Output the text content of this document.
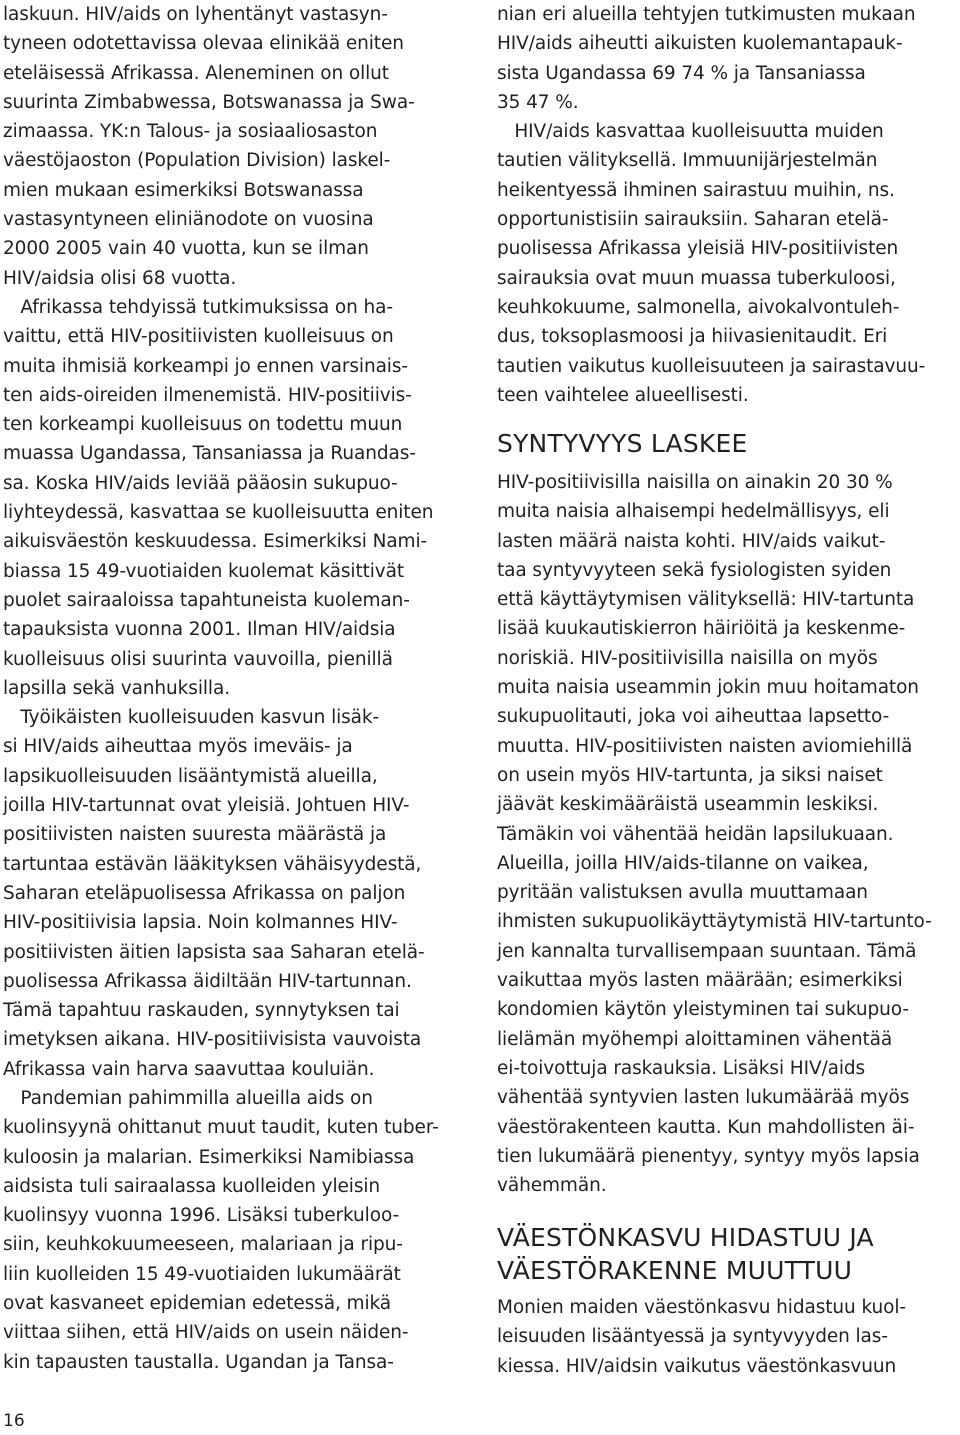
laskuun. HIV/aids on lyhentänyt vastasyn-
tyneen odotettavissa olevaa elinikää eniten
eteläisessä Afrikassa. Aleneminen on ollut
suurinta Zimbabwessa, Botswanassa ja Swa-
zimaassa. YK:n Talous- ja sosiaaliosaston
väestöjaoston (Population Division) laskel-
mien mukaan esimerkiksi Botswanassa
vastasyntyneen eliniänodote on vuosina
2000 2005 vain 40 vuotta, kun se ilman
HIV/aidsia olisi 68 vuotta.
Afrikassa tehdyissä tutkimuksissa on ha-
vaittu, että HIV-positiivisten kuolleisuus on
muita ihmisiä korkeampi jo ennen varsinais-
ten aids-oireiden ilmenemistä. HIV-positiivis-
ten korkeampi kuolleisuus on todettu muun
muassa Ugandassa, Tansaniassa ja Ruandas-
sa. Koska HIV/aids leviää pääosin sukupuo-
liyhteydessä, kasvattaa se kuolleisuutta eniten
aikuisväestön keskuudessa. Esimerkiksi Nami-
biassa 15 49-vuotiaiden kuolemat käsittivät
puolet sairaaloissa tapahtuneista kuoleman-
tapauksista vuonna 2001. Ilman HIV/aidsia
kuolleisuus olisi suurinta vauvoilla, pienillä
lapsilla sekä vanhuksilla.
Työikäisten kuolleisuuden kasvun lisäk-
si HIV/aids aiheuttaa myös imeväis- ja
lapsikuolleisuuden lisääntymistä alueilla,
joilla HIV-tartunnat ovat yleisiä. Johtuen HIV-
positiivisten naisten suuresta määrästä ja
tartuntaa estävän lääkityksen vähäisyydestä,
Saharan eteläpuolisessa Afrikassa on paljon
HIV-positiivisia lapsia. Noin kolmannes HIV-
positiivisten äitien lapsista saa Saharan etelä-
puolisessa Afrikassa äidiltään HIV-tartunnan.
Tämä tapahtuu raskauden, synnytyksen tai
imetyksen aikana. HIV-positiivisista vauvoista
Afrikassa vain harva saavuttaa kouluiän.
Pandemian pahimmilla alueilla aids on
kuolinsyynä ohittanut muut taudit, kuten tuber-
kuloosin ja malarian. Esimerkiksi Namibiassa
aidsista tuli sairaalassa kuolleiden yleisin
kuolinsyy vuonna 1996. Lisäksi tuberkuloo-
siin, keuhkokuumeeseen, malariaan ja ripu-
liin kuolleiden 15 49-vuotiaiden lukumäärät
ovat kasvaneet epidemian edetessä, mikä
viittaa siihen, että HIV/aids on usein näiden-
kin tapausten taustalla. Ugandan ja Tansa-
nian eri alueilla tehtyjen tutkimusten mukaan
HIV/aids aiheutti aikuisten kuolemantapauk-
sista Ugandassa 69 74 % ja Tansaniassa
35 47 %.
HIV/aids kasvattaa kuolleisuutta muiden
tautien välityksellä. Immuunijärjestelmän
heikentyessä ihminen sairastuu muihin, ns.
opportunistisiin sairauksiin. Saharan etelä-
puolisessa Afrikassa yleisiä HIV-positiivisten
sairauksia ovat muun muassa tuberkuloosi,
keuhkokuume, salmonella, aivokalvontuleh-
dus, toksoplasmoosi ja hiivasienitaudit. Eri
tautien vaikutus kuolleisuuteen ja sairastavuu-
teen vaihtelee alueellisesti.
SYNTYVYYS LASKEE
HIV-positiivisilla naisilla on ainakin 20 30 %
muita naisia alhaisempi hedelmällisyys, eli
lasten määrä naista kohti. HIV/aids vaikut-
taa syntyvyyteen sekä fysiologisten syiden
että käyttäytymisen välityksellä: HIV-tartunta
lisää kuukautiskierron häiriöitä ja keskenme-
noriskiä. HIV-positiivisilla naisilla on myös
muita naisia useammin jokin muu hoitamaton
sukupuolitauti, joka voi aiheuttaa lapsetto-
muutta. HIV-positiivisten naisten aviomiehillä
on usein myös HIV-tartunta, ja siksi naiset
jäävät keskimääräistä useammin leskiksi.
Tämäkin voi vähentää heidän lapsilukuaan.
Alueilla, joilla HIV/aids-tilanne on vaikea,
pyritään valistuksen avulla muuttamaan
ihmisten sukupuolikäyttäytymistä HIV-tartunto-
jen kannalta turvallisempaan suuntaan. Tämä
vaikuttaa myös lasten määrään; esimerkiksi
kondomien käytön yleistyminen tai sukupuo-
lielämän myöhempi aloittaminen vähentää
ei-toivottuja raskauksia. Lisäksi HIV/aids
vähentää syntyvien lasten lukumäärää myös
väestörakenteen kautta. Kun mahdollisten äi-
tien lukumäärä pienentyy, syntyy myös lapsia
vähemmän.
VÄESTÖNKASVU HIDASTUU JA
VÄESTÖRAKENNE MUUTTUU
Monien maiden väestönkasvu hidastuu kuol-
leisuuden lisääntyessä ja syntyvyyden las-
kiessa. HIV/aidsin vaikutus väestönkasvuun
16
